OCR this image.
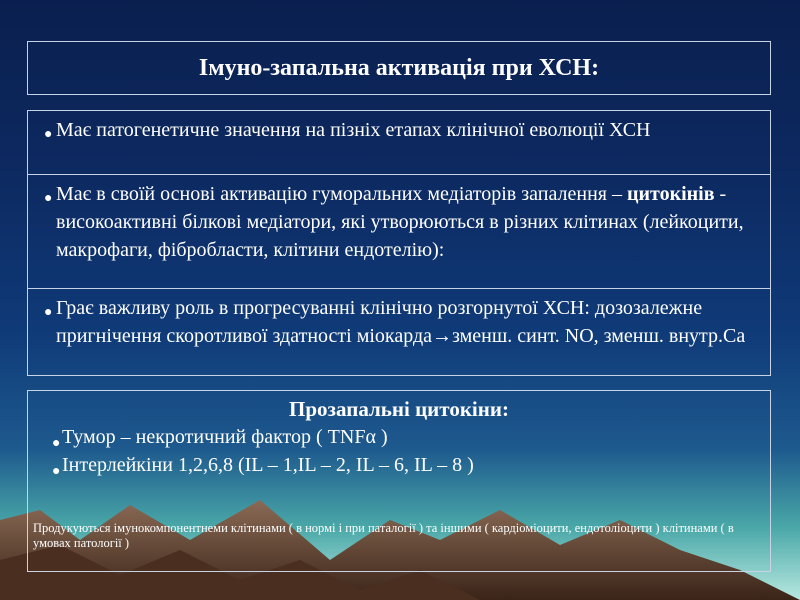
Імуно-запальна активація при ХСН:
● Має патогенетичне значення на пізніх етапах клінічної еволюції ХСН
● Має в своїй основі активацію гуморальних медіаторів запалення – цитокінів - високоактивні білкові медіатори, які утворюються в різних клітинах (лейкоцити, макрофаги, фібробласти, клітини ендотелію):
● Грає важливу роль в прогресуванні клінічно розгорнутої ХСН: дозозалежне пригнічення скоротливої здатності міокарда→зменш. синт. NO, зменш. внутр.Са
Прозапальні цитокіни:
● Тумор – некротичний фактор ( TNFα )
● Інтерлейкіни 1,2,6,8 (IL – 1,IL – 2, IL – 6, IL – 8 )
Продукуються імунокомпонентнеми клітинами ( в нормі і при паталогії ) та іншими ( кардіоміоцити, ендотоліоцити ) клітинами ( в умовах патології )
